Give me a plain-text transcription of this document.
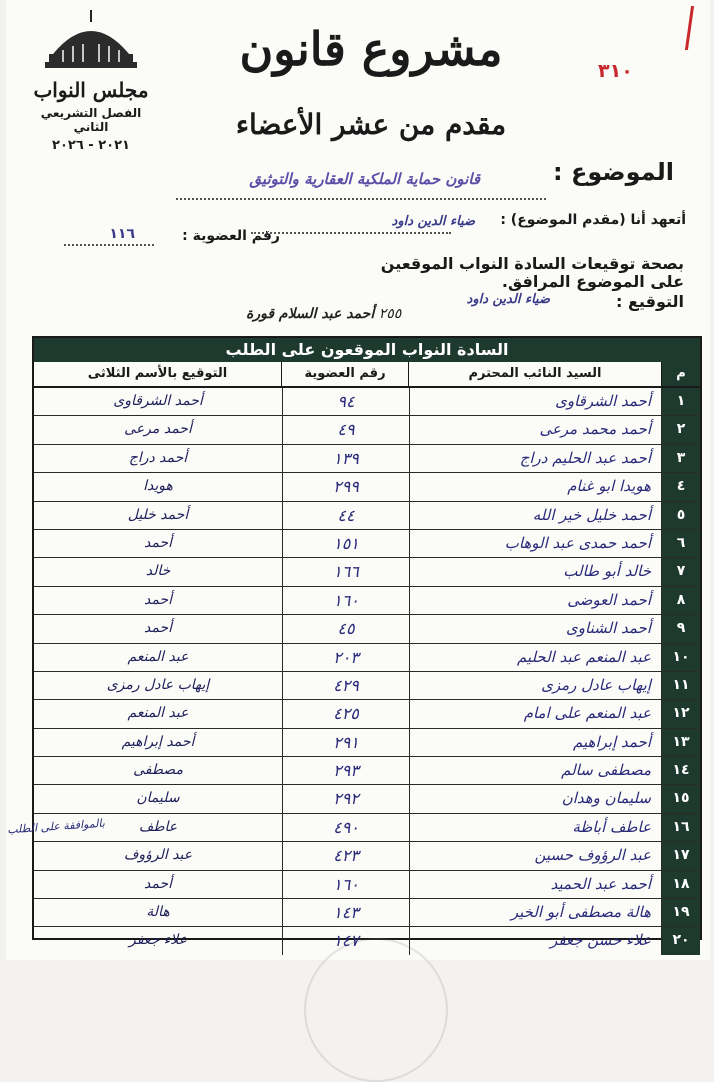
مجلس النواب
الفصل التشريعي الثاني
٢٠٢١ - ٢٠٢٦
مشروع قانون
مقدم من عشر الأعضاء
٣١٠
الموضوع :
قانون حماية الملكية العقارية والتوثيق
أتعهد أنا (مقدم الموضوع) :
ضياء الدين داود
رقم العضوية :
١١٦
بصحة توقيعات السادة النواب الموقعين
على الموضوع المرافق.
التوقيع :
ضياء الدين داود
٢٥٥ أحمد عبد السلام قورة
السادة النواب الموقعون على الطلب
م
السيد النائب المحترم
رقم العضوية
التوقيع بالأسم الثلاثى
١
أحمد الشرقاوى
٩٤
أحمد الشرقاوى
٢
أحمد محمد مرعى
٤٩
أحمد مرعى
٣
أحمد عبد الحليم دراج
١٣٩
أحمد دراج
٤
هويدا ابو غنام
٢٩٩
هويدا
٥
أحمد خليل خير الله
٤٤
أحمد خليل
٦
أحمد حمدى عبد الوهاب
١٥١
أحمد
٧
خالد أبو طالب
١٦٦
خالد
٨
أحمد العوضى
١٦٠
أحمد
٩
أحمد الشناوى
٤٥
أحمد
١٠
عبد المنعم عبد الحليم
٢٠٣
عبد المنعم
١١
إيهاب عادل رمزى
٤٢٩
إيهاب عادل رمزى
١٢
عبد المنعم على امام
٤٢٥
عبد المنعم
١٣
أحمد إبراهيم
٢٩١
أحمد إبراهيم
١٤
مصطفى سالم
٢٩٣
مصطفى
١٥
سليمان وهدان
٢٩٢
سليمان
١٦
عاطف أباظة
٤٩٠
عاطف
١٧
عبد الرؤوف حسين
٤٢٣
عبد الرؤوف
١٨
أحمد عبد الحميد
١٦٠
أحمد
١٩
هالة مصطفى أبو الخير
١٤٣
هالة
٢٠
علاء حسن جعفر
١٤٧
علاء جعفر
بالموافقة على الطلب
